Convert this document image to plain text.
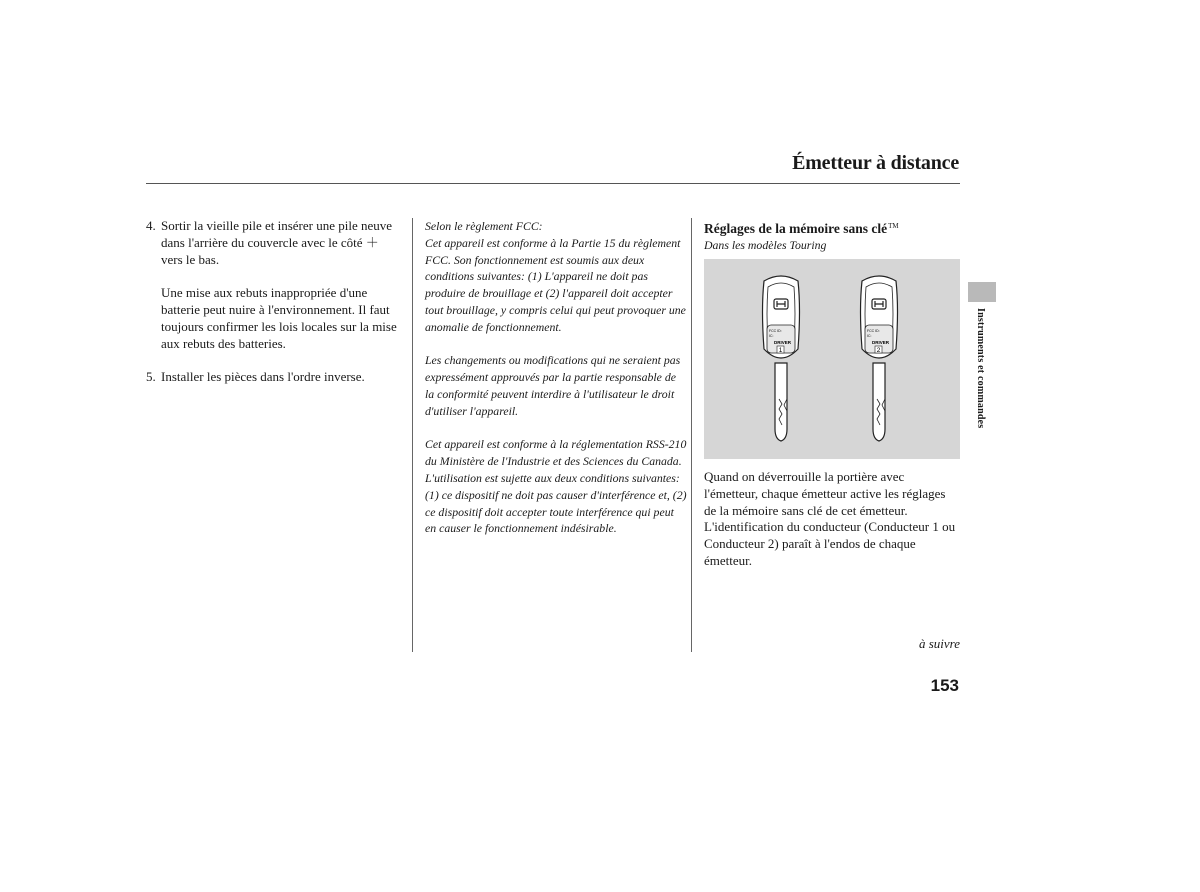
Émetteur à distance
4. Sortir la vieille pile et insérer une pile neuve dans l'arrière du couvercle avec le côté ＋ vers le bas.

Une mise aux rebuts inappropriée d'une batterie peut nuire à l'environnement. Il faut toujours confirmer les lois locales sur la mise aux rebuts des batteries.

5. Installer les pièces dans l'ordre inverse.

Selon le règlement FCC:

Cet appareil est conforme à la Partie 15 du règlement FCC. Son fonctionnement est soumis aux deux conditions suivantes: (1) L'appareil ne doit pas produire de brouillage et (2) l'appareil doit accepter tout brouillage, y compris celui qui peut provoquer une anomalie de fonctionnement.

Les changements ou modifications qui ne seraient pas expressément approuvés par la partie responsable de la conformité peuvent interdire à l'utilisateur le droit d'utiliser l'appareil.

Cet appareil est conforme à la réglementation RSS-210 du Ministère de l'Industrie et des Sciences du Canada.

L'utilisation est sujette aux deux conditions suivantes: (1) ce dispositif ne doit pas causer d'interférence et, (2) ce dispositif doit accepter toute interférence qui peut en causer le fonctionnement indésirable.

Réglages de la mémoire sans clé™
Dans les modèles Touring
FCC ID:
IC:
DRIVER
1
FCC ID:
IC:
DRIVER
2

Quand on déverrouille la portière avec l'émetteur, chaque émetteur active les réglages de la mémoire sans clé de cet émetteur. L'identification du conducteur (Conducteur 1 ou Conducteur 2) paraît à l'endos de chaque émetteur.

à suivre
153
Instruments et commandes
